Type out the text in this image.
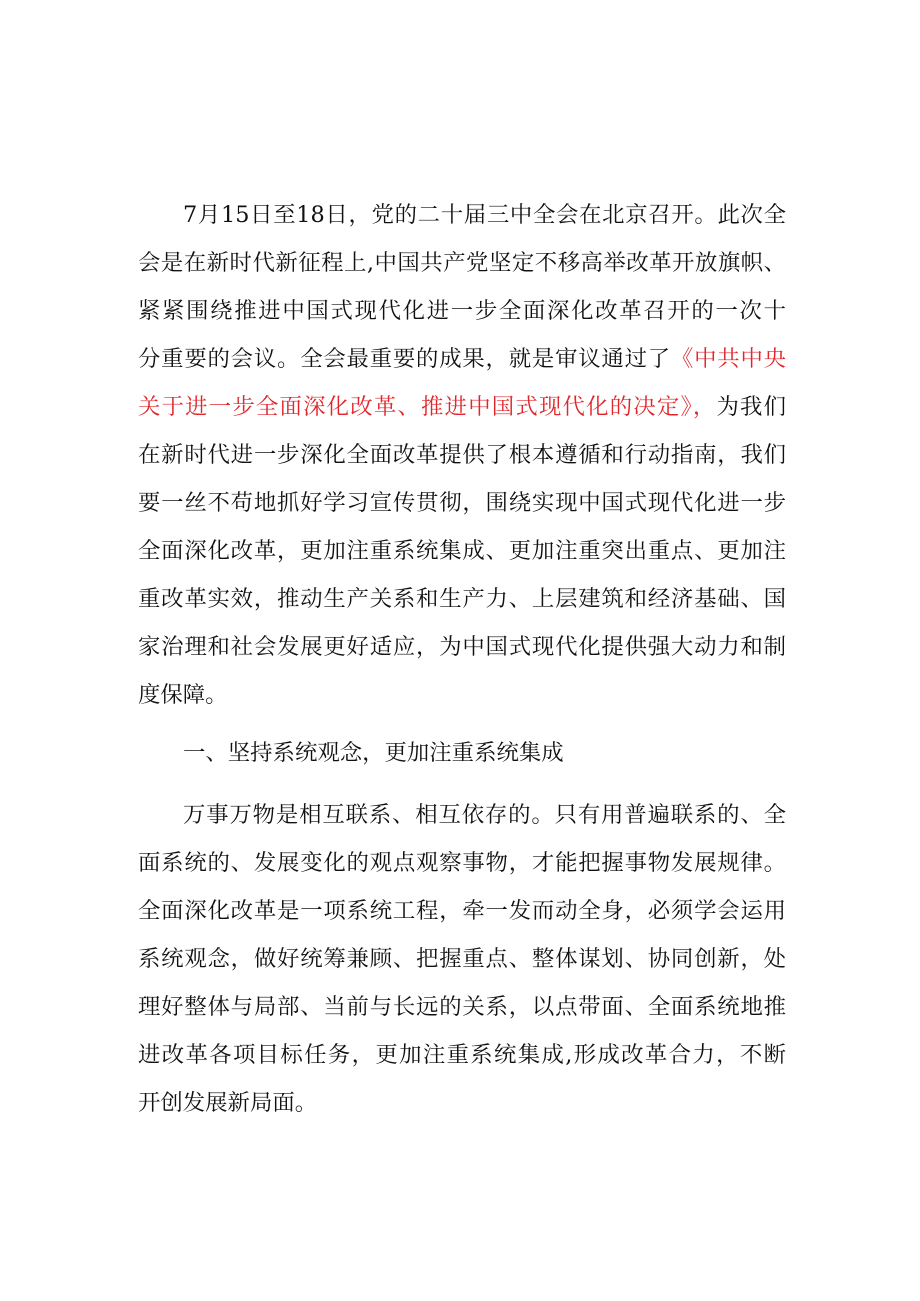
7月15日至18日，党的二十届三中全会在北京召开。此次全
会是在新时代新征程上,中国共产党坚定不移高举改革开放旗帜、
紧紧围绕推进中国式现代化进一步全面深化改革召开的一次十
分重要的会议。全会最重要的成果，就是审议通过了《中共中央
关于进一步全面深化改革、推进中国式现代化的决定》，为我们
在新时代进一步深化全面改革提供了根本遵循和行动指南，我们
要一丝不苟地抓好学习宣传贯彻，围绕实现中国式现代化进一步
全面深化改革，更加注重系统集成、更加注重突出重点、更加注
重改革实效，推动生产关系和生产力、上层建筑和经济基础、国
家治理和社会发展更好适应，为中国式现代化提供强大动力和制
度保障。
一、坚持系统观念，更加注重系统集成
万事万物是相互联系、相互依存的。只有用普遍联系的、全
面系统的、发展变化的观点观察事物，才能把握事物发展规律。
全面深化改革是一项系统工程，牵一发而动全身，必须学会运用
系统观念，做好统筹兼顾、把握重点、整体谋划、协同创新，处
理好整体与局部、当前与长远的关系，以点带面、全面系统地推
进改革各项目标任务，更加注重系统集成,形成改革合力，不断
开创发展新局面。
